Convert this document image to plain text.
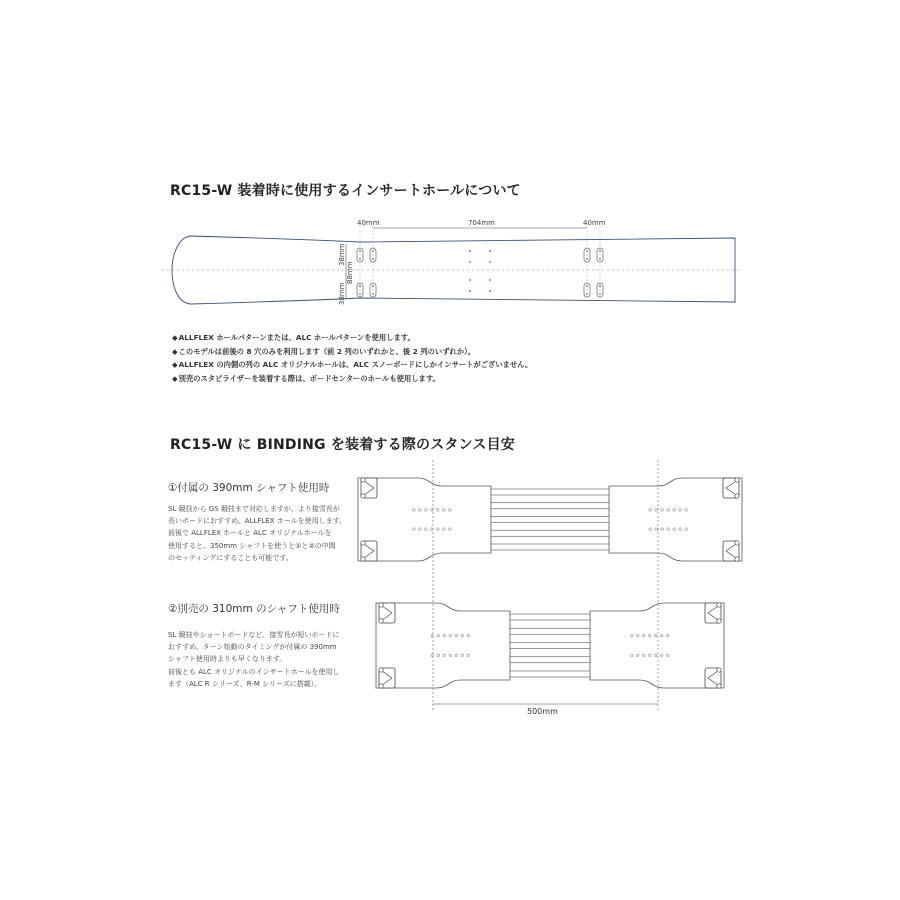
RC15-W 装着時に使用するインサートホールについて
40mm	704mm	40mm
38mm
88mm
38mm
500mm
◆ ALLFLEX ホールパターンまたは、ALC ホールパターンを使用します。
◆ このモデルは前後の 8 穴のみを利用します（前 2 列のいずれかと、後 2 列のいずれか）。
◆ ALLFLEX の内側の列の ALC オリジナルホールは、ALC スノーボードにしかインサートがございません。
◆ 別売のスタビライザーを装着する際は、ボードセンターのホールも使用します。
RC15-W に BINDING を装着する際のスタンス目安
①付属の 390mm シャフト使用時
SL 競技から GS 競技まで対応しますが、より接雪長が
長いボードにおすすめ。ALLFLEX ホールを使用します。
前後で ALLFLEX ホールと ALC オリジナルホールを
使用すると、350mm シャフトを使うと①と②の中間
のセッティングにすることも可能です。
②別売の 310mm のシャフト使用時
SL 競技やショートボードなど、接雪長が短いボードに
おすすめ。ターン始動のタイミングが付属の 390mm
シャフト使用時よりも早くなります。
前後とも ALC オリジナルのインサートホールを使用し
ます（ALC R シリーズ、R-M シリーズに搭載）。
